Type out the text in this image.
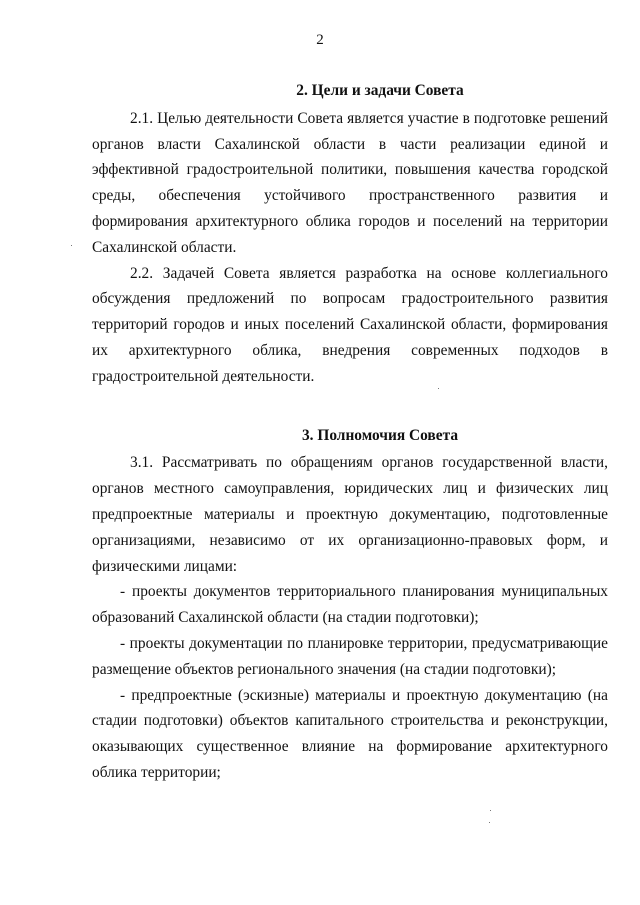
2
2. Цели и задачи Совета

2.1. Целью деятельности Совета является участие в подготовке решений органов власти Сахалинской области в части реализации единой и эффективной градостроительной политики, повышения качества городской среды, обеспечения устойчивого пространственного развития и формирования архитектурного облика городов и поселений на территории Сахалинской области.

2.2. Задачей Совета является разработка на основе коллегиального обсуждения предложений по вопросам градостроительного развития территорий городов и иных поселений Сахалинской области, формирования их архитектурного облика, внедрения современных подходов в градостроительной деятельности.

3. Полномочия Совета

3.1. Рассматривать по обращениям органов государственной власти, органов местного самоуправления, юридических лиц и физических лиц предпроектные материалы и проектную документацию, подготовленные организациями, независимо от их организационно-правовых форм, и физическими лицами:

- проекты документов территориального планирования муниципальных образований Сахалинской области (на стадии подготовки);

- проекты документации по планировке территории, предусматривающие размещение объектов регионального значения (на стадии подготовки);

- предпроектные (эскизные) материалы и проектную документацию (на стадии подготовки) объектов капитального строительства и реконструкции, оказывающих существенное влияние на формирование архитектурного облика территории;
